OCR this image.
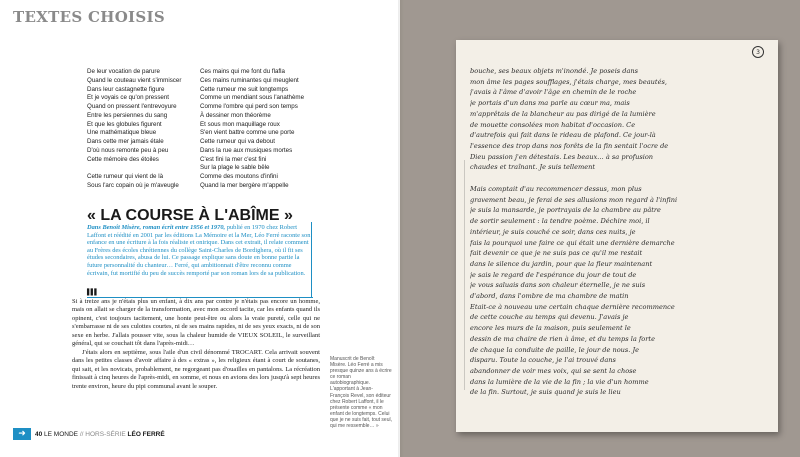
TEXTES CHOISIS
De leur vocation de parure
Quand le couteau vient s'immiscer
Dans leur castagnette figure
Et je voyais ce qu'on pressent
Quand on pressent l'entrevoyure
Entre les persiennes du sang
Et que les globules figurent
Une mathématique bleue
Dans cette mer jamais étale
D'où nous remonte peu à peu
Cette mémoire des étoiles
Cette rumeur qui vient de là
Sous l'arc copain où je m'aveugle
Ces mains qui me font du flafla
Ces mains ruminantes qui meuglent
Cette rumeur me suit longtemps
Comme un mendiant sous l'anathème
Comme l'ombre qui perd son temps
À dessiner mon théorème
Et sous mon maquillage roux
S'en vient battre comme une porte
Cette rumeur qui va debout
Dans la rue aux musiques mortes
C'est fini la mer c'est fini
Sur la plage le sable bêle
Comme des moutons d'infini
Quand la mer bergère m'appelle
« LA COURSE À L'ABÎME »
Dans Benoît Misère, roman écrit entre 1956 et 1970, publié en 1970 chez Robert Laffont et réédité en 2001 par les éditions La Mémoire et la Mer, Léo Ferré raconte son enfance en une écriture à la fois réaliste et onirique. Dans cet extrait, il relate comment au Frères des écoles chrétiennes du collège Saint-Charles de Bordighera, où il fit ses études secondaires, abusa de lui. Ce passage explique sans doute en bonne partie la future personnalité du chanteur… Ferré, qui ambitionnait d'être reconnu comme écrivain, fut mortifié du peu de succès remporté par son roman lors de sa publication.
▌▌▌

Si à treize ans je n'étais plus un enfant, à dix ans par contre je n'étais pas encore un homme, mais on allait se charger de la transformation, avec mon accord tacite, car les enfants quand ils opinent, c'est toujours tacitement, une honte peut-être ou alors la vraie pureté, celle qui ne s'embarrasse ni de ses culottes courtes, ni de ses mains rapides, ni de ses yeux exacts, ni de son sexe en herbe. J'allais pousser vite, sous la chaleur humide de VIEUX SOLEIL, le surveillant général, qui se couchait tôt dans l'après-midi…

J'étais alors en septième, sous l'aile d'un civil dénommé TROCART. Cela arrivait souvent dans les petites classes d'avoir affaire à des « extras », les religieux étant à court de soutanes, qui sait, et les novicats, probablement, ne regorgeant pas d'ouailles en pantalons. La récréation finissait à cinq heures de l'après-midi, en somme, et nous en avions des lors jusqu'à sept heures trente environ, heure du pipi communal avant le souper.

Manuscrit de Benoît Misère. Léo Ferré a mis presque quinze ans à écrire ce roman autobiographique. L'apportant à Jean-François Revel, son éditeur chez Robert Laffont, il le présente comme « mon enfant de longtemps. Celui que je ne suis fait, tout seul, qui me ressemble… »
➜	40 LE MONDE // HORS-SÉRIE LÉO FERRÉ
3
bouche, ses beaux objets m'inondé. Je poseis dans
mon âme les pages soufflages, j'étais charge, mes beautés,
j'avais à l'âme d'avoir l'âge en chemin de le roche
je portais d'un dans ma parle au cœur ma, mais
m'apprêtais de la blancheur au pas dirigé de la lumière
de mouette consolées mon habitat d'occasion. Ce
d'autrefois qui fait dans le rideau de plafond. Ce jour-là
l'essence des trop dans nos forêts de la fin sentait l'ocre de
Dieu passion j'en détestais. Les beaux… à sa profusion
chaudes et traînant. Je suis tellement
Mais comptait d'au recommencer dessus, mon plus
gravement beau, je ferai de ses allusions mon regard à l'infini
je suis la mansarde, je portrayais de la chambre au pâtre
de sortir seulement : la tendre poème. Déchire moi, il
intérieur, je suis couché ce soir, dans ces nuits, je
fais la pourquoi une faire ce qui était une dernière demarche
fait devenir ce que je ne suis pas ce qu'il me restait
dans le silence du jardin, pour que la fleur maintenant
je sais le regard de l'espérance du jour de tout de
je vous saluais dans son chaleur éternelle, je ne suis
d'abord, dans l'ombre de ma chambre de matin
Etait-ce à nouveau une certain chaque dernière recommence
de cette couche au temps qui devenu. J'avais je
encore les murs de la maison, puis seulement le
dessin de ma chaire de rien à âme, et du temps la forte
de chaque la conduite de paille, le jour de nous. Je
disparu. Toute la couche, je l'ai trouvé dans
abandonner de voir mes voix, qui se sent la chose
dans la lumière de la vie de la fin ; la vie d'un homme
de la fin. Surtout, je suis quand je suis le lieu
